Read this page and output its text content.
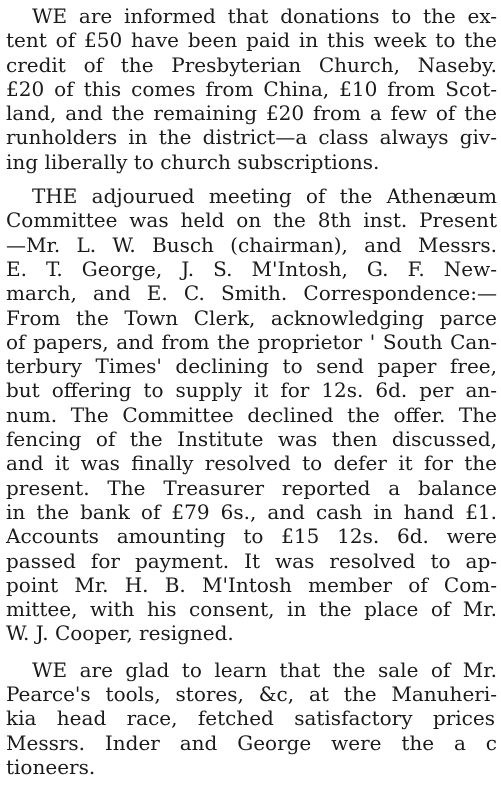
WE are informed that donations to the ex-
tent of £50 have been paid in this week to the
credit of the Presbyterian Church, Naseby.
£20 of this comes from China, £10 from Scot-
land, and the remaining £20 from a few of the
runholders in the district—a class always giv-
ing liberally to church subscriptions.
THE adjourued meeting of the Athenæum
Committee was held on the 8th inst. Present
—Mr. L. W. Busch (chairman), and Messrs.
E. T. George, J. S. M'Intosh, G. F. New-
march, and E. C. Smith. Correspondence:—
From the Town Clerk, acknowledging parce
of papers, and from the proprietor ' South Can-
terbury Times' declining to send paper free,
but offering to supply it for 12s. 6d. per an-
num. The Committee declined the offer. The
fencing of the Institute was then discussed,
and it was finally resolved to defer it for the
present. The Treasurer reported a balance
in the bank of £79 6s., and cash in hand £1.
Accounts amounting to £15 12s. 6d. were
passed for payment. It was resolved to ap-
point Mr. H. B. M'Intosh member of Com-
mittee, with his consent, in the place of Mr.
W. J. Cooper, resigned.
WE are glad to learn that the sale of Mr.
Pearce's tools, stores, &c, at the Manuheri-
kia head race, fetched satisfactory prices
Messrs. Inder and George were the a c
tioneers.
